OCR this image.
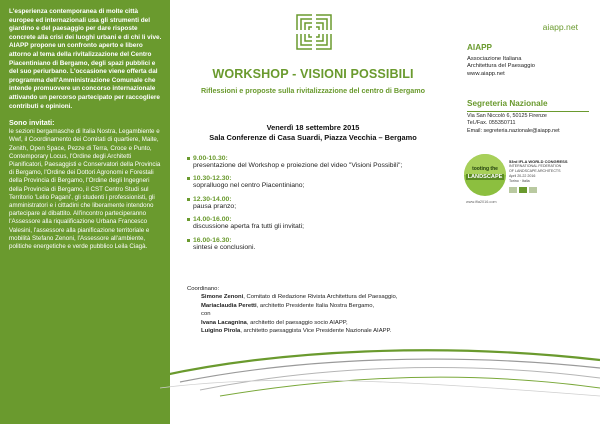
L'esperienza contemporanea di molte città europee ed internazionali usa gli strumenti del giardino e del paesaggio per dare risposte concrete alla crisi dei luoghi urbani e di chi li vive. AIAPP propone un confronto aperto e libero attorno al tema della rivitalizzazione del Centro Piacentiniano di Bergamo, degli spazi pubblici e del suo periurbano. L'occasione viene offerta dal programma dell'Amministrazione Comunale che intende promuovere un concorso internazionale attivando un percorso partecipato per raccogliere contributi e opinioni.

Sono invitati:

le sezioni bergamasche di Italia Nostra, Legambiente e Wwf, il Coordinamento dei Comitati di quartiere, Maite, Zenith, Open Space, Pezze di Terra, Croce e Punto, Contemporary Locus, l'Ordine degli Architetti Pianificatori, Paesaggisti e Conservatori della Provincia di Bergamo, l'Ordine dei Dottori Agronomi e Forestali della Provincia di Bergamo, l'Ordine degli Ingegneri della Provincia di Bergamo, il CST Centro Studi sul Territorio 'Lelio Pagani', gli studenti i professionisti, gli amministratori e i cittadini che liberamente intendono partecipare al dibattito. All'incontro parteciperanno l'Assessore alla riqualificazione Urbana Francesco Valesini, l'assessore alla pianificazione territoriale e mobilità Stefano Zenoni, l'Assessore all'ambiente, politiche energetiche e verde pubblico Leila Ciagà.

WORKSHOP - VISIONI POSSIBILI

Riflessioni e proposte sulla rivitalizzazione del centro di Bergamo

Venerdì 18 settembre 2015

Sala Conferenze di Casa Suardi, Piazza Vecchia – Bergamo

9.00-10.30:
presentazione del Workshop e proiezione del video "Visioni Possibili";
10.30-12.30:
sopralluogo nel centro Piacentiniano;
12.30-14.00:
pausa pranzo;
14.00-16.00:
discussione aperta fra tutti gli invitati;
16.00-16.30:
sintesi e conclusioni.
Coordinano:
Simone Zenoni, Comitato di Redazione Rivista Architettura del Paesaggio,
Mariaclaudia Peretti, architetto Presidente Italia Nostra Bergamo,
con
Ivana Lacagnina, architetto del paesaggio socio AIAPP,
Luigino Pirola, architetto paesaggista Vice Presidente Nazionale AIAPP.
aiapp.net
AIAPP
Associazione Italiana
Architettura del Paesaggio
www.aiapp.net
Segreteria Nazionale
Via San Niccolò 6, 50125 Firenze
Tel./Fax. 055350711
Email: segreteria.nazionale@aiapp.net
tooting the
LANDSCAPE
53rd IFLA WORLD CONGRESS
INTERNATIONAL FEDERATION
OF LANDSCAPE ARCHITECTS
April 20-22 2016
Torino · Italia
www.ifla2016.com
